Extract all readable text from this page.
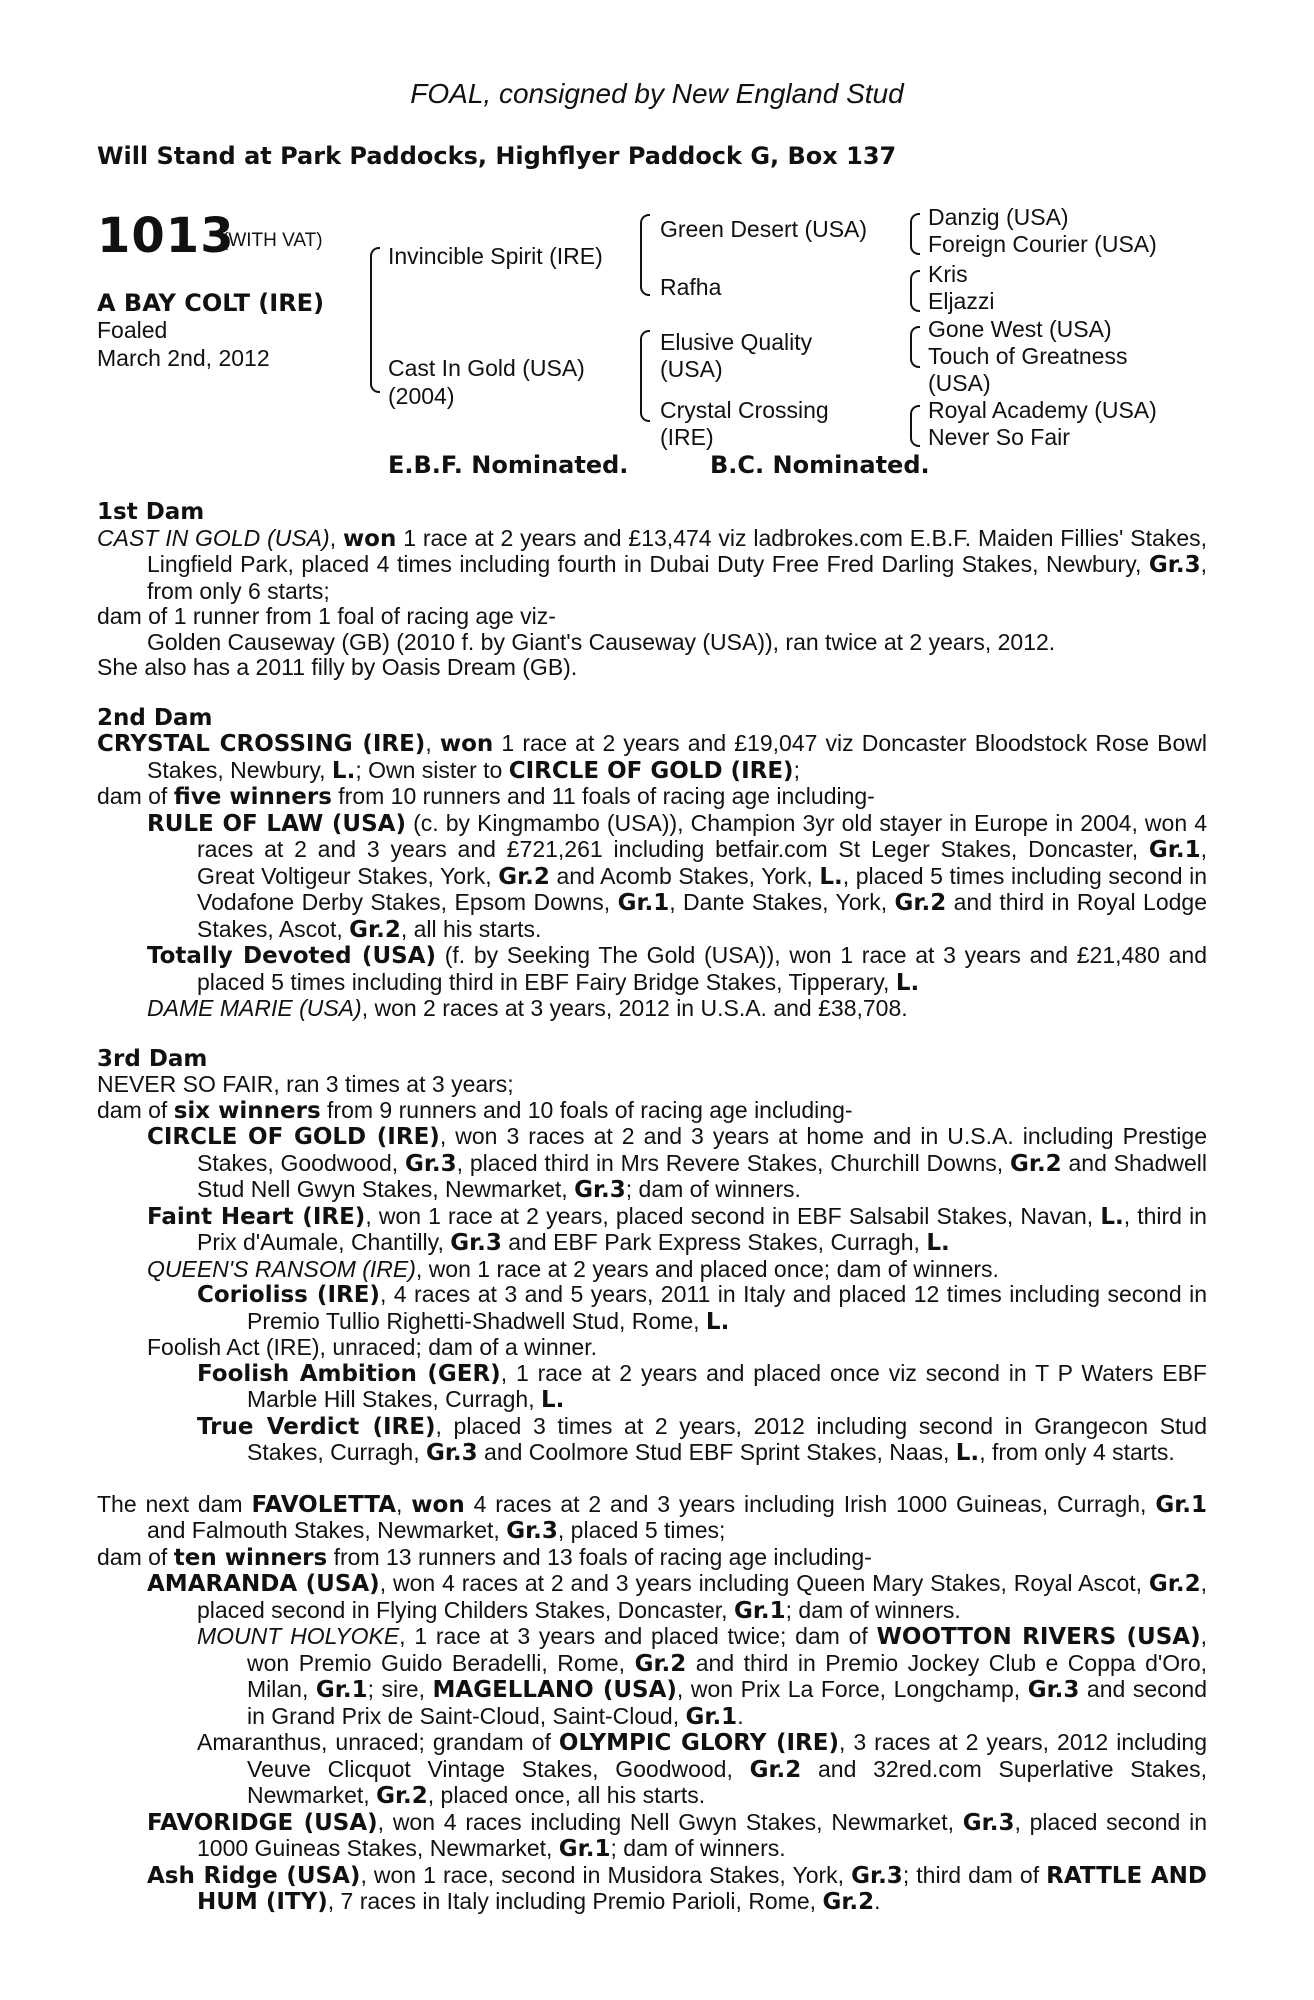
FOAL, consigned by New England Stud
Will Stand at Park Paddocks, Highflyer Paddock G, Box 137
1013
(WITH VAT)
A BAY COLT (IRE)
Foaled
March 2nd, 2012
Invincible Spirit (IRE)
Cast In Gold (USA)
(2004)
Green Desert (USA)
Rafha
Elusive Quality
(USA)
Crystal Crossing
(IRE)
Danzig (USA)
Foreign Courier (USA)
Kris
Eljazzi
Gone West (USA)
Touch of Greatness
(USA)
Royal Academy (USA)
Never So Fair
E.B.F. Nominated.	B.C. Nominated.
1st Dam
CAST IN GOLD (USA), won 1 race at 2 years and £13,474 viz ladbrokes.com E.B.F. Maiden Fillies' Stakes, Lingfield Park, placed 4 times including fourth in Dubai Duty Free Fred Darling Stakes, Newbury, Gr.3, from only 6 starts;
dam of 1 runner from 1 foal of racing age viz-
Golden Causeway (GB) (2010 f. by Giant's Causeway (USA)), ran twice at 2 years, 2012.
She also has a 2011 filly by Oasis Dream (GB).
2nd Dam
CRYSTAL CROSSING (IRE), won 1 race at 2 years and £19,047 viz Doncaster Bloodstock Rose Bowl Stakes, Newbury, L.; Own sister to CIRCLE OF GOLD (IRE);
dam of five winners from 10 runners and 11 foals of racing age including-
RULE OF LAW (USA) (c. by Kingmambo (USA)), Champion 3yr old stayer in Europe in 2004, won 4 races at 2 and 3 years and £721,261 including betfair.com St Leger Stakes, Doncaster, Gr.1, Great Voltigeur Stakes, York, Gr.2 and Acomb Stakes, York, L., placed 5 times including second in Vodafone Derby Stakes, Epsom Downs, Gr.1, Dante Stakes, York, Gr.2 and third in Royal Lodge Stakes, Ascot, Gr.2, all his starts.
Totally Devoted (USA) (f. by Seeking The Gold (USA)), won 1 race at 3 years and £21,480 and placed 5 times including third in EBF Fairy Bridge Stakes, Tipperary, L.
DAME MARIE (USA), won 2 races at 3 years, 2012 in U.S.A. and £38,708.
3rd Dam
NEVER SO FAIR, ran 3 times at 3 years;
dam of six winners from 9 runners and 10 foals of racing age including-
CIRCLE OF GOLD (IRE), won 3 races at 2 and 3 years at home and in U.S.A. including Prestige Stakes, Goodwood, Gr.3, placed third in Mrs Revere Stakes, Churchill Downs, Gr.2 and Shadwell Stud Nell Gwyn Stakes, Newmarket, Gr.3; dam of winners.
Faint Heart (IRE), won 1 race at 2 years, placed second in EBF Salsabil Stakes, Navan, L., third in Prix d'Aumale, Chantilly, Gr.3 and EBF Park Express Stakes, Curragh, L.
QUEEN'S RANSOM (IRE), won 1 race at 2 years and placed once; dam of winners.
Corioliss (IRE), 4 races at 3 and 5 years, 2011 in Italy and placed 12 times including second in Premio Tullio Righetti-Shadwell Stud, Rome, L.
Foolish Act (IRE), unraced; dam of a winner.
Foolish Ambition (GER), 1 race at 2 years and placed once viz second in T P Waters EBF Marble Hill Stakes, Curragh, L.
True Verdict (IRE), placed 3 times at 2 years, 2012 including second in Grangecon Stud Stakes, Curragh, Gr.3 and Coolmore Stud EBF Sprint Stakes, Naas, L., from only 4 starts.
The next dam FAVOLETTA, won 4 races at 2 and 3 years including Irish 1000 Guineas, Curragh, Gr.1 and Falmouth Stakes, Newmarket, Gr.3, placed 5 times;
dam of ten winners from 13 runners and 13 foals of racing age including-
AMARANDA (USA), won 4 races at 2 and 3 years including Queen Mary Stakes, Royal Ascot, Gr.2, placed second in Flying Childers Stakes, Doncaster, Gr.1; dam of winners.
MOUNT HOLYOKE, 1 race at 3 years and placed twice; dam of WOOTTON RIVERS (USA), won Premio Guido Beradelli, Rome, Gr.2 and third in Premio Jockey Club e Coppa d'Oro, Milan, Gr.1; sire, MAGELLANO (USA), won Prix La Force, Longchamp, Gr.3 and second in Grand Prix de Saint-Cloud, Saint-Cloud, Gr.1.
Amaranthus, unraced; grandam of OLYMPIC GLORY (IRE), 3 races at 2 years, 2012 including Veuve Clicquot Vintage Stakes, Goodwood, Gr.2 and 32red.com Superlative Stakes, Newmarket, Gr.2, placed once, all his starts.
FAVORIDGE (USA), won 4 races including Nell Gwyn Stakes, Newmarket, Gr.3, placed second in 1000 Guineas Stakes, Newmarket, Gr.1; dam of winners.
Ash Ridge (USA), won 1 race, second in Musidora Stakes, York, Gr.3; third dam of RATTLE AND HUM (ITY), 7 races in Italy including Premio Parioli, Rome, Gr.2.
